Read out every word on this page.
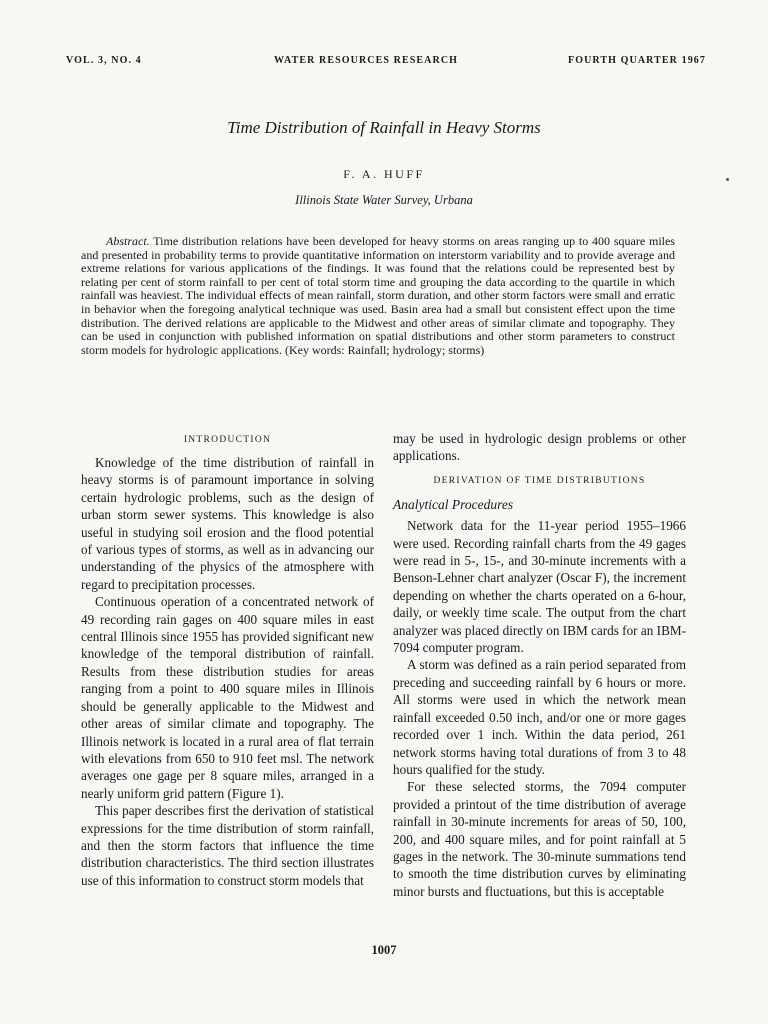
VOL. 3, NO. 4	WATER RESOURCES RESEARCH	FOURTH QUARTER 1967
Time Distribution of Rainfall in Heavy Storms
F. A. HUFF
Illinois State Water Survey, Urbana
Abstract. Time distribution relations have been developed for heavy storms on areas ranging up to 400 square miles and presented in probability terms to provide quantitative information on interstorm variability and to provide average and extreme relations for various applications of the findings. It was found that the relations could be represented best by relating per cent of storm rainfall to per cent of total storm time and grouping the data according to the quartile in which rainfall was heaviest. The individual effects of mean rainfall, storm duration, and other storm factors were small and erratic in behavior when the foregoing analytical technique was used. Basin area had a small but consistent effect upon the time distribution. The derived relations are applicable to the Midwest and other areas of similar climate and topography. They can be used in conjunction with published information on spatial distributions and other storm parameters to construct storm models for hydrologic applications. (Key words: Rainfall; hydrology; storms)
INTRODUCTION

Knowledge of the time distribution of rainfall in heavy storms is of paramount importance in solving certain hydrologic problems, such as the design of urban storm sewer systems. This knowledge is also useful in studying soil erosion and the flood potential of various types of storms, as well as in advancing our understanding of the physics of the atmosphere with regard to precipitation processes.

Continuous operation of a concentrated network of 49 recording rain gages on 400 square miles in east central Illinois since 1955 has provided significant new knowledge of the temporal distribution of rainfall. Results from these distribution studies for areas ranging from a point to 400 square miles in Illinois should be generally applicable to the Midwest and other areas of similar climate and topography. The Illinois network is located in a rural area of flat terrain with elevations from 650 to 910 feet msl. The network averages one gage per 8 square miles, arranged in a nearly uniform grid pattern (Figure 1).

This paper describes first the derivation of statistical expressions for the time distribution of storm rainfall, and then the storm factors that influence the time distribution characteristics. The third section illustrates use of this information to construct storm models that

may be used in hydrologic design problems or other applications.

DERIVATION OF TIME DISTRIBUTIONS
Analytical Procedures

Network data for the 11-year period 1955–1966 were used. Recording rainfall charts from the 49 gages were read in 5-, 15-, and 30-minute increments with a Benson-Lehner chart analyzer (Oscar F), the increment depending on whether the charts operated on a 6-hour, daily, or weekly time scale. The output from the chart analyzer was placed directly on IBM cards for an IBM-7094 computer program.

A storm was defined as a rain period separated from preceding and succeeding rainfall by 6 hours or more. All storms were used in which the network mean rainfall exceeded 0.50 inch, and/or one or more gages recorded over 1 inch. Within the data period, 261 network storms having total durations of from 3 to 48 hours qualified for the study.

For these selected storms, the 7094 computer provided a printout of the time distribution of average rainfall in 30-minute increments for areas of 50, 100, 200, and 400 square miles, and for point rainfall at 5 gages in the network. The 30-minute summations tend to smooth the time distribution curves by eliminating minor bursts and fluctuations, but this is acceptable

1007
